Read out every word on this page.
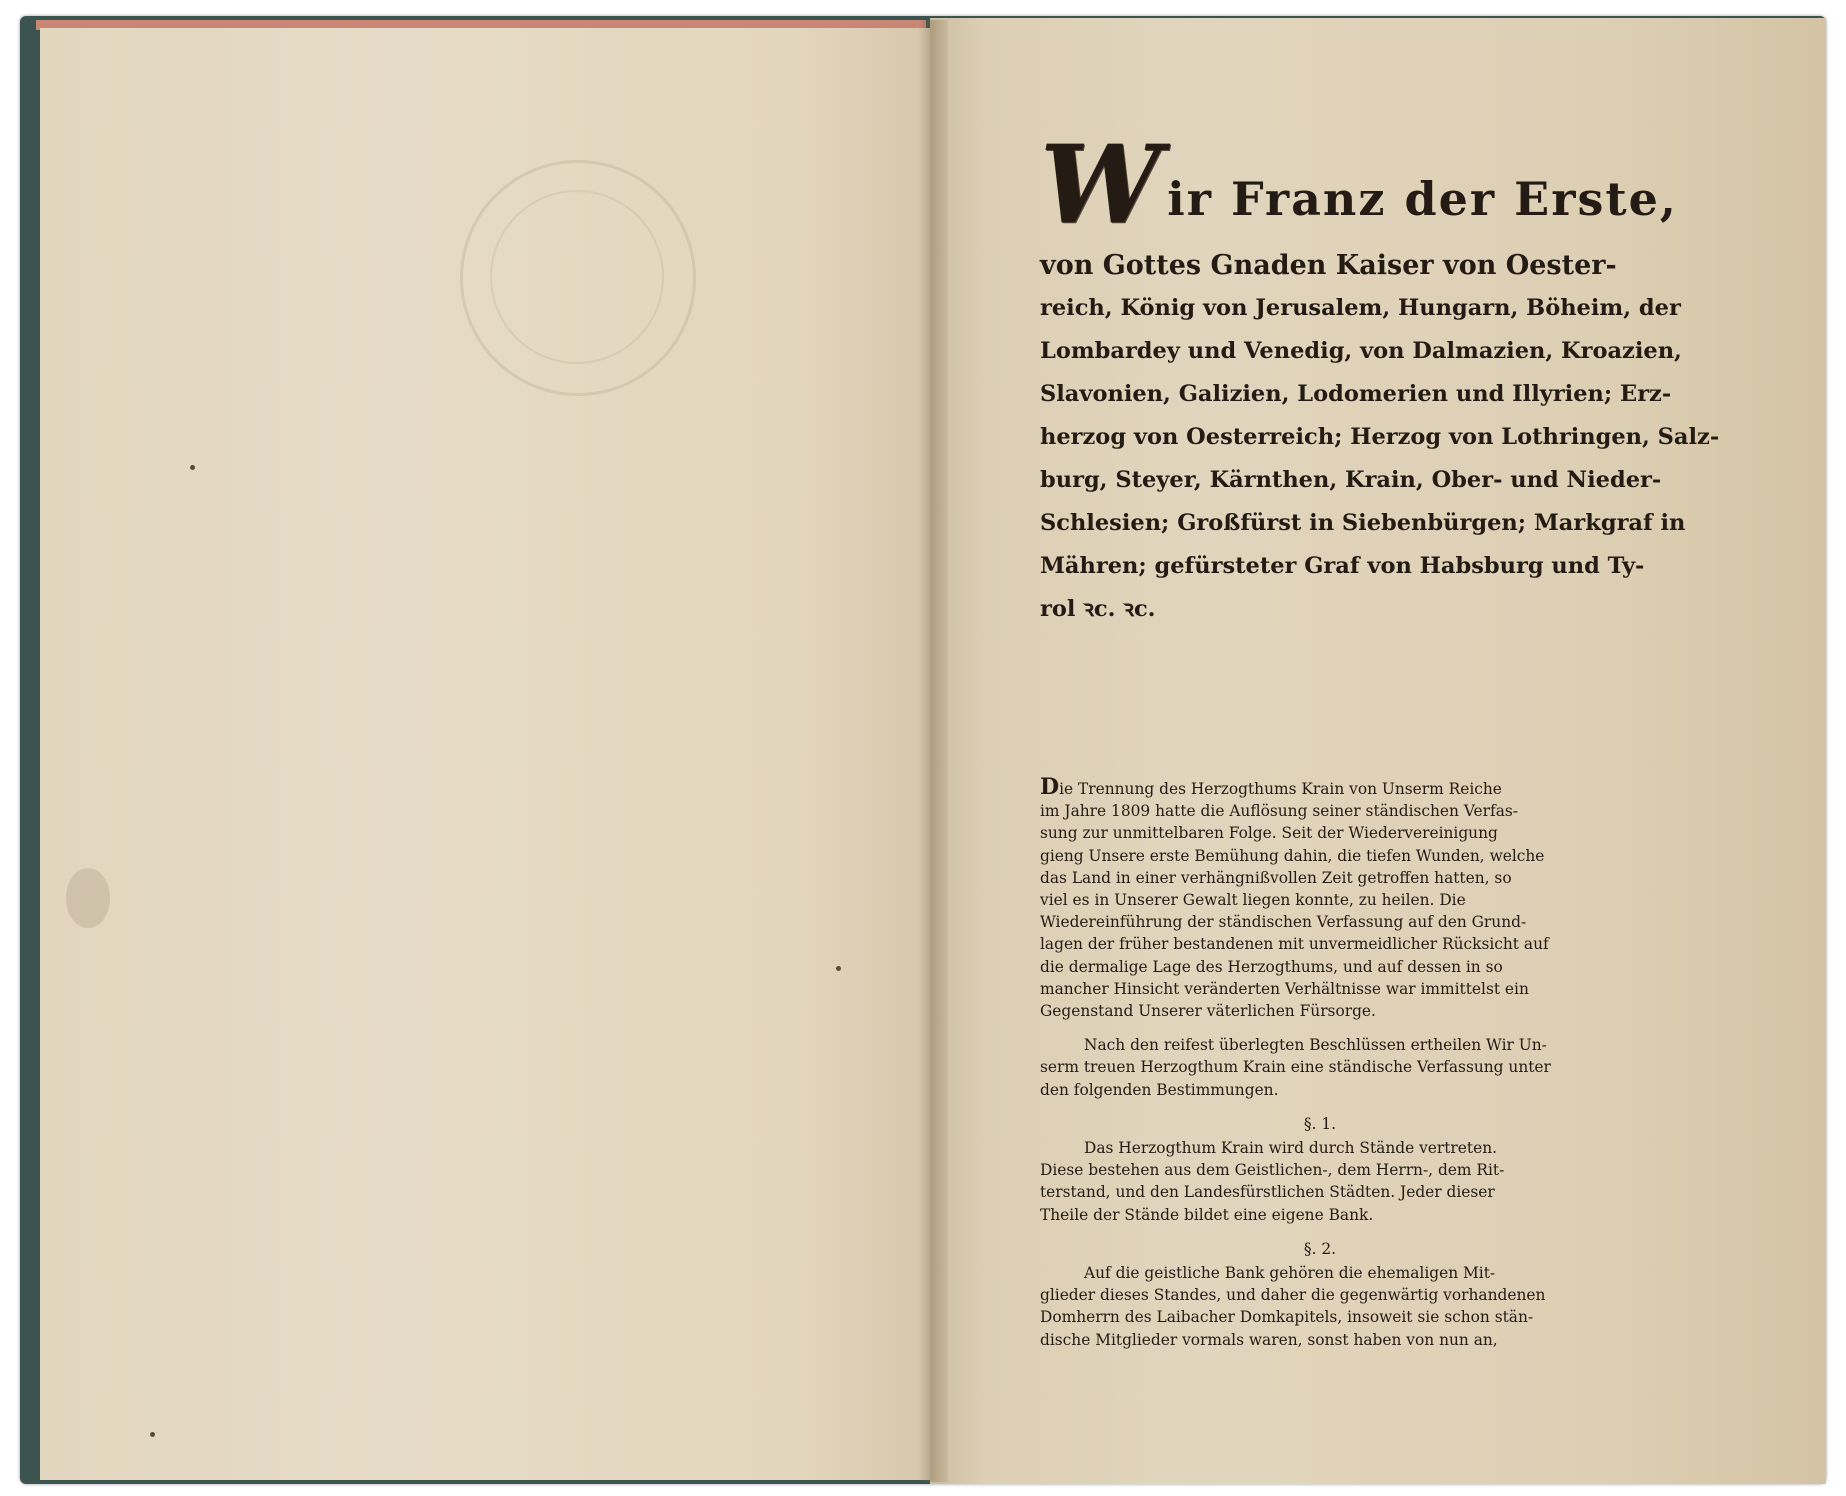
W ir Franz der Erste,
von Gottes Gnaden Kaiser von Oester-
reich, König von Jerusalem, Hungarn, Böheim, der
Lombardey und Venedig, von Dalmazien, Kroazien,
Slavonien, Galizien, Lodomerien und Illyrien; Erz-
herzog von Oesterreich; Herzog von Lothringen, Salz-
burg, Steyer, Kärnthen, Krain, Ober- und Nieder-
Schlesien; Großfürst in Siebenbürgen; Markgraf in
Mähren; gefürsteter Graf von Habsburg und Ty-
rol ꝛc. ꝛc.
Die Trennung des Herzogthums Krain von Unserm Reiche
im Jahre 1809 hatte die Auflösung seiner ständischen Verfas-
sung zur unmittelbaren Folge. Seit der Wiedervereinigung
gieng Unsere erste Bemühung dahin, die tiefen Wunden, welche
das Land in einer verhängnißvollen Zeit getroffen hatten, so
viel es in Unserer Gewalt liegen konnte, zu heilen. Die
Wiedereinführung der ständischen Verfassung auf den Grund-
lagen der früher bestandenen mit unvermeidlicher Rücksicht auf
die dermalige Lage des Herzogthums, und auf dessen in so
mancher Hinsicht veränderten Verhältnisse war immittelst ein
Gegenstand Unserer väterlichen Fürsorge.
Nach den reifest überlegten Beschlüssen ertheilen Wir Un-
serm treuen Herzogthum Krain eine ständische Verfassung unter
den folgenden Bestimmungen.
§. 1.
Das Herzogthum Krain wird durch Stände vertreten.
Diese bestehen aus dem Geistlichen-, dem Herrn-, dem Rit-
terstand, und den Landesfürstlichen Städten. Jeder dieser
Theile der Stände bildet eine eigene Bank.
§. 2.
Auf die geistliche Bank gehören die ehemaligen Mit-
glieder dieses Standes, und daher die gegenwärtig vorhandenen
Domherrn des Laibacher Domkapitels, insoweit sie schon stän-
dische Mitglieder vormals waren, sonst haben von nun an,
